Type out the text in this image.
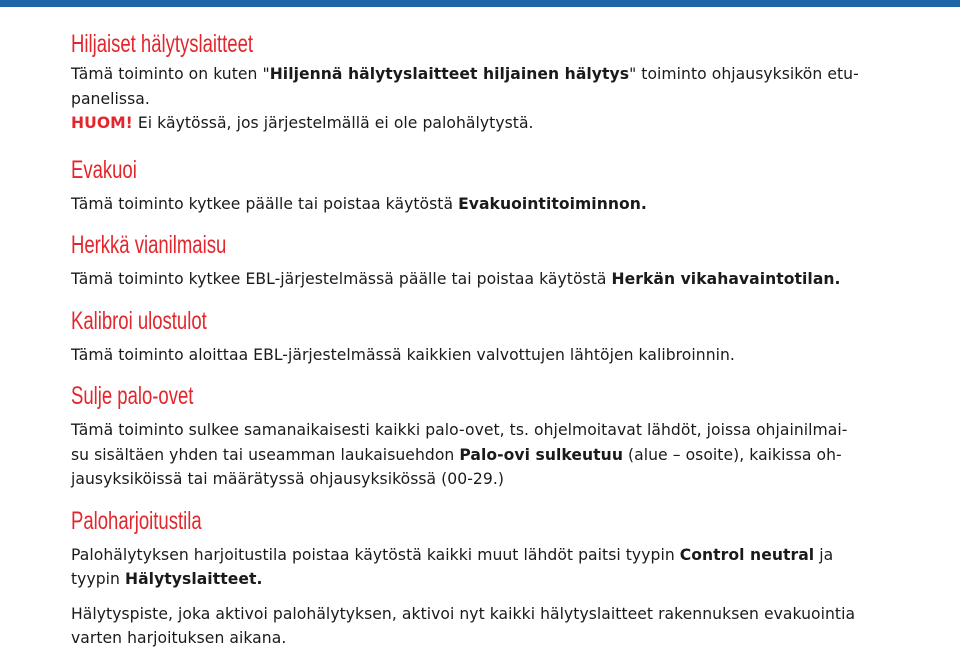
Hiljaiset hälytyslaitteet

Tämä toiminto on kuten "Hiljennä hälytyslaitteet hiljainen hälytys" toiminto ohjausyksikön etu-
panelissa.

HUOM! Ei käytössä, jos järjestelmällä ei ole palohälytystä.

Evakuoi

Tämä toiminto kytkee päälle tai poistaa käytöstä Evakuointitoiminnon.

Herkkä vianilmaisu

Tämä toiminto kytkee EBL-järjestelmässä päälle tai poistaa käytöstä Herkän vikahavaintotilan.

Kalibroi ulostulot

Tämä toiminto aloittaa EBL-järjestelmässä kaikkien valvottujen lähtöjen kalibroinnin.

Sulje palo-ovet

Tämä toiminto sulkee samanaikaisesti kaikki palo-ovet, ts. ohjelmoitavat lähdöt, joissa ohjainilmai-
su sisältäen yhden tai useamman laukaisuehdon Palo-ovi sulkeutuu (alue – osoite), kaikissa oh-
jausyksiköissä tai määrätyssä ohjausyksikössä (00-29.)

Paloharjoitustila

Palohälytyksen harjoitustila poistaa käytöstä kaikki muut lähdöt paitsi tyypin Control neutral ja
tyypin Hälytyslaitteet.

Hälytyspiste, joka aktivoi palohälytyksen, aktivoi nyt kaikki hälytyslaitteet rakennuksen evakuointia
varten harjoituksen aikana.
